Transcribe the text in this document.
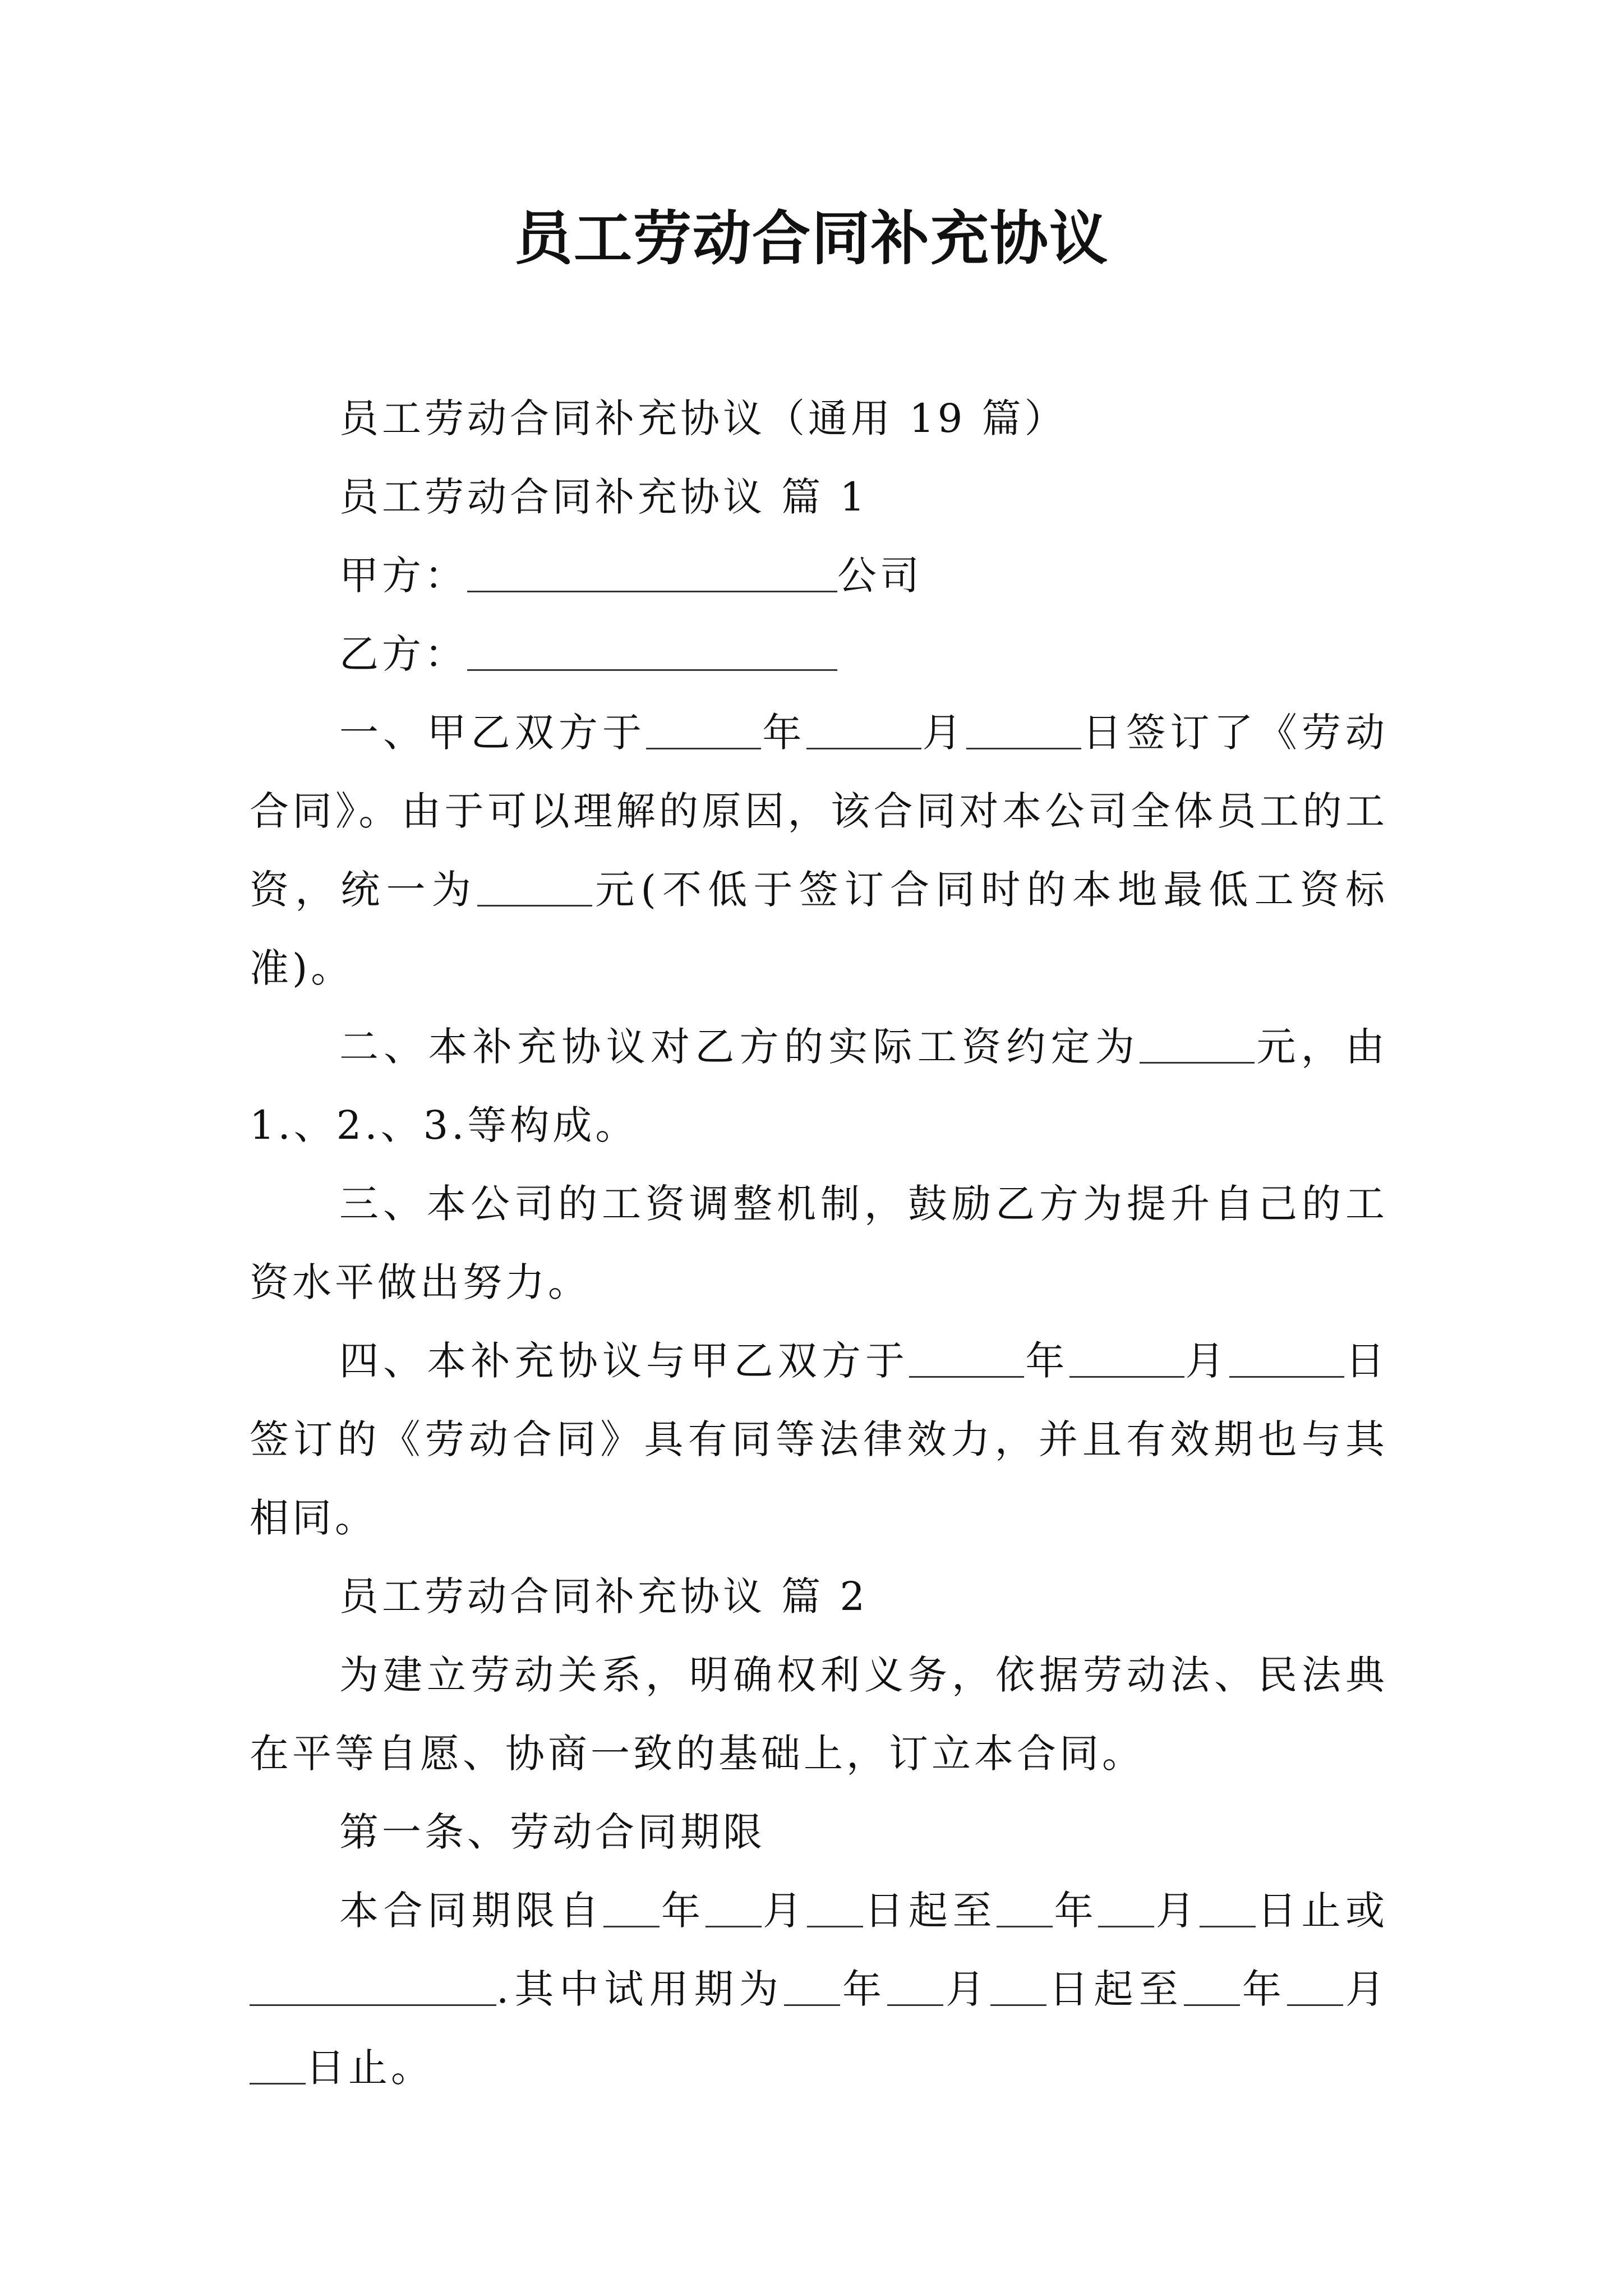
员工劳动合同补充协议

员工劳动合同补充协议（通用 19 篇）

员工劳动合同补充协议 篇 1

甲方：	公司

乙方：

一、甲乙双方于	年	月	日签订了《劳动合同》。由于可以理解的原因，该合同对本公司全体员工的工资，统一为	元(不低于签订合同时的本地最低工资标准)。

二、本补充协议对乙方的实际工资约定为	元，由 1.、2.、3.等构成。

三、本公司的工资调整机制，鼓励乙方为提升自己的工资水平做出努力。

四、本补充协议与甲乙双方于	年	月	日签订的《劳动合同》具有同等法律效力，并且有效期也与其相同。

员工劳动合同补充协议 篇 2

为建立劳动关系，明确权利义务，依据劳动法、民法典在平等自愿、协商一致的基础上，订立本合同。

第一条、劳动合同期限

本合同期限自 年 月 日起至 年 月 日止或.其中试用期为 年 月 日起至 年 月日止。
